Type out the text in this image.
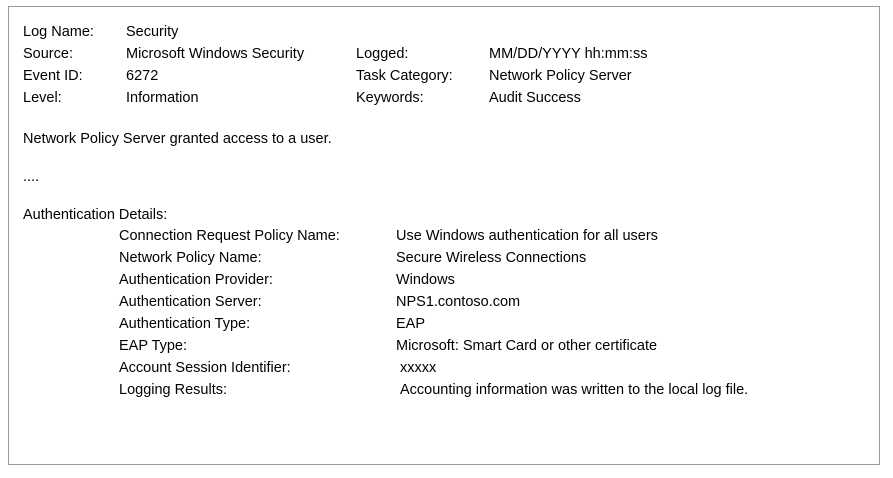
Log Name:	Security		
Source:	Microsoft Windows Security	Logged:	MM/DD/YYYY hh:mm:ss
Event ID:	6272	Task Category:	Network Policy Server
Level:	Information	Keywords:	Audit Success
Network Policy Server granted access to a user.
....
Authentication Details:
Connection Request Policy Name:	Use Windows authentication for all users
Network Policy Name:	Secure Wireless Connections
Authentication Provider:	Windows
Authentication Server:	NPS1.contoso.com
Authentication Type:	EAP
EAP Type:	Microsoft: Smart Card or other certificate
Account Session Identifier:	xxxxx
Logging Results:	Accounting information was written to the local log file.
